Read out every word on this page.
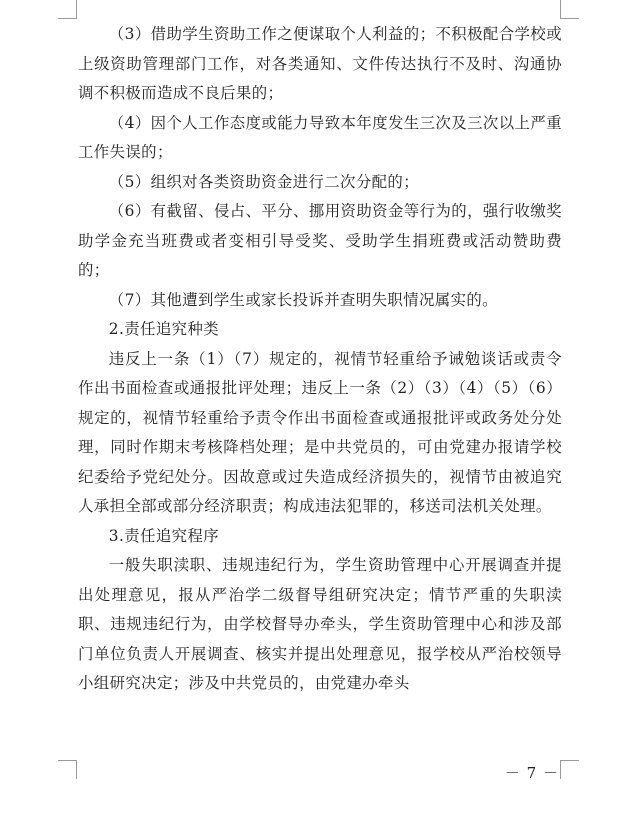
（3）借助学生资助工作之便谋取个人利益的；不积极配合学校或上级资助管理部门工作，对各类通知、文件传达执行不及时、沟通协调不积极而造成不良后果的；

（4）因个人工作态度或能力导致本年度发生三次及三次以上严重工作失误的；

（5）组织对各类资助资金进行二次分配的；

（6）有截留、侵占、平分、挪用资助资金等行为的，强行收缴奖助学金充当班费或者变相引导受奖、受助学生捐班费或活动赞助费的；

（7）其他遭到学生或家长投诉并查明失职情况属实的。

2.责任追究种类

违反上一条（1）（7）规定的，视情节轻重给予诫勉谈话或责令作出书面检查或通报批评处理；违反上一条（2）（3）（4）（5）（6）规定的，视情节轻重给予责令作出书面检查或通报批评或政务处分处理，同时作期末考核降档处理；是中共党员的，可由党建办报请学校纪委给予党纪处分。因故意或过失造成经济损失的，视情节由被追究人承担全部或部分经济职责；构成违法犯罪的，移送司法机关处理。

3.责任追究程序

一般失职渎职、违规违纪行为，学生资助管理中心开展调查并提出处理意见，报从严治学二级督导组研究决定；情节严重的失职渎职、违规违纪行为，由学校督导办牵头，学生资助管理中心和涉及部门单位负责人开展调查、核实并提出处理意见，报学校从严治校领导小组研究决定；涉及中共党员的，由党建办牵头

－ 7 －
